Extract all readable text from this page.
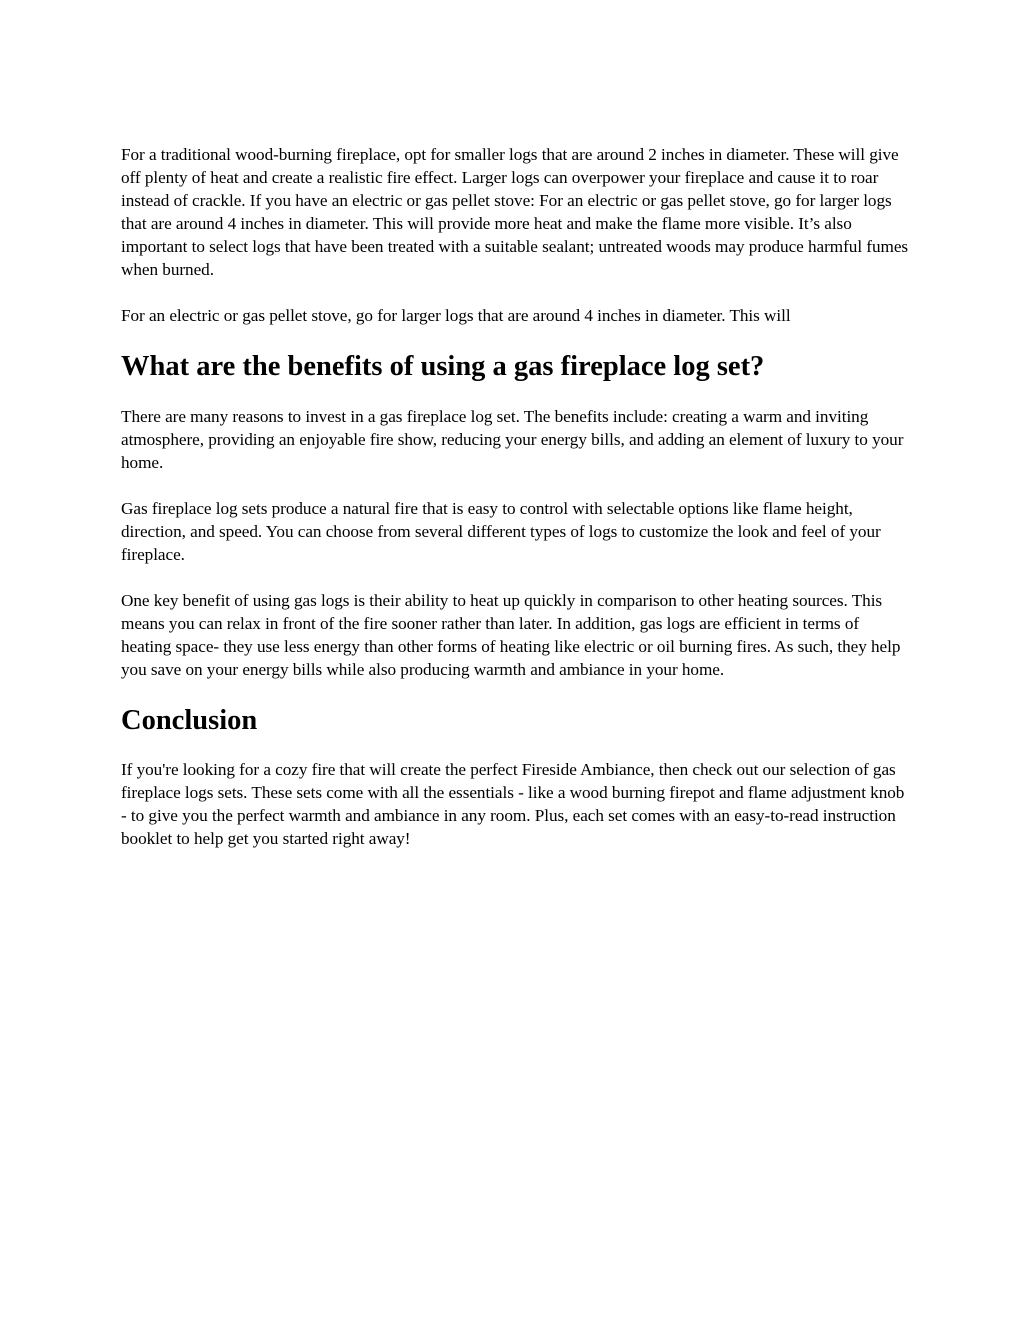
For a traditional wood-burning fireplace, opt for smaller logs that are around 2 inches in diameter. These will give off plenty of heat and create a realistic fire effect. Larger logs can overpower your fireplace and cause it to roar instead of crackle. If you have an electric or gas pellet stove: For an electric or gas pellet stove, go for larger logs that are around 4 inches in diameter. This will provide more heat and make the flame more visible. It’s also important to select logs that have been treated with a suitable sealant; untreated woods may produce harmful fumes when burned.

For an electric or gas pellet stove, go for larger logs that are around 4 inches in diameter. This will

What are the benefits of using a gas fireplace log set?

There are many reasons to invest in a gas fireplace log set. The benefits include: creating a warm and inviting atmosphere, providing an enjoyable fire show, reducing your energy bills, and adding an element of luxury to your home.

Gas fireplace log sets produce a natural fire that is easy to control with selectable options like flame height, direction, and speed. You can choose from several different types of logs to customize the look and feel of your fireplace.

One key benefit of using gas logs is their ability to heat up quickly in comparison to other heating sources. This means you can relax in front of the fire sooner rather than later. In addition, gas logs are efficient in terms of heating space- they use less energy than other forms of heating like electric or oil burning fires. As such, they help you save on your energy bills while also producing warmth and ambiance in your home.

Conclusion

If you're looking for a cozy fire that will create the perfect Fireside Ambiance, then check out our selection of gas fireplace logs sets. These sets come with all the essentials - like a wood burning firepot and flame adjustment knob - to give you the perfect warmth and ambiance in any room. Plus, each set comes with an easy-to-read instruction booklet to help get you started right away!
